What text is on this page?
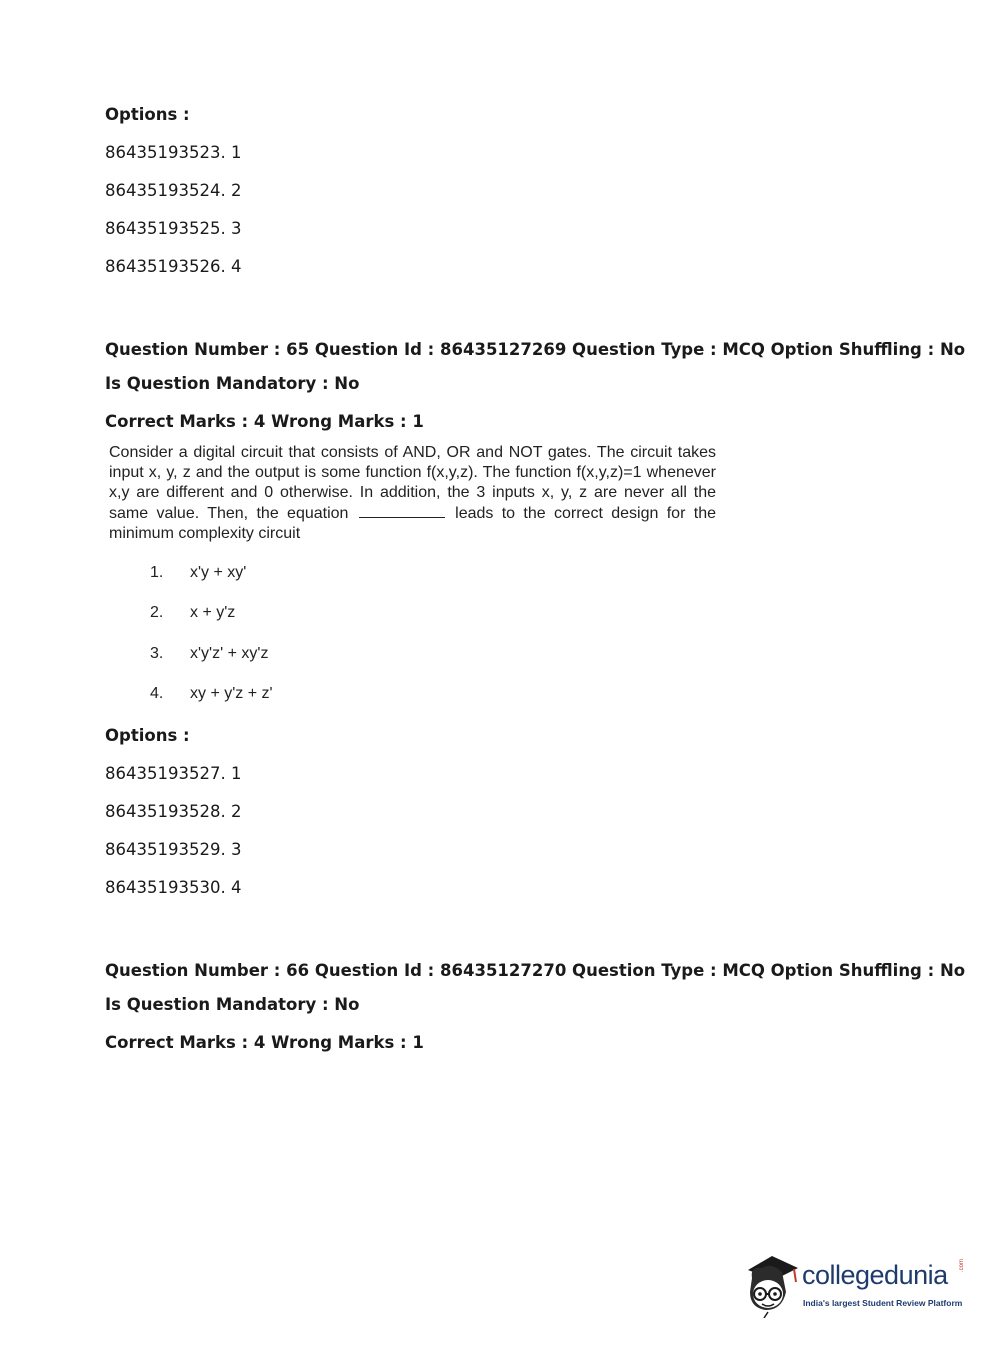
Options :
86435193523. 1
86435193524. 2
86435193525. 3
86435193526. 4
Question Number : 65 Question Id : 86435127269 Question Type : MCQ Option Shuffling : No
Is Question Mandatory : No
Correct Marks : 4 Wrong Marks : 1
Consider a digital circuit that consists of AND, OR and NOT gates. The circuit takes input x, y, z and the output is some function f(x,y,z). The function f(x,y,z)=1 whenever x,y are different and 0 otherwise. In addition, the 3 inputs x, y, z are never all the same value. Then, the equation	leads to the correct design for the minimum complexity circuit
1. x'y + xy'
2. x + y'z
3. x'y'z' + xy'z
4. xy + y'z + z'
Options :
86435193527. 1
86435193528. 2
86435193529. 3
86435193530. 4
Question Number : 66 Question Id : 86435127270 Question Type : MCQ Option Shuffling : No
Is Question Mandatory : No
Correct Marks : 4 Wrong Marks : 1
collegedunia .com
India's largest Student Review Platform
